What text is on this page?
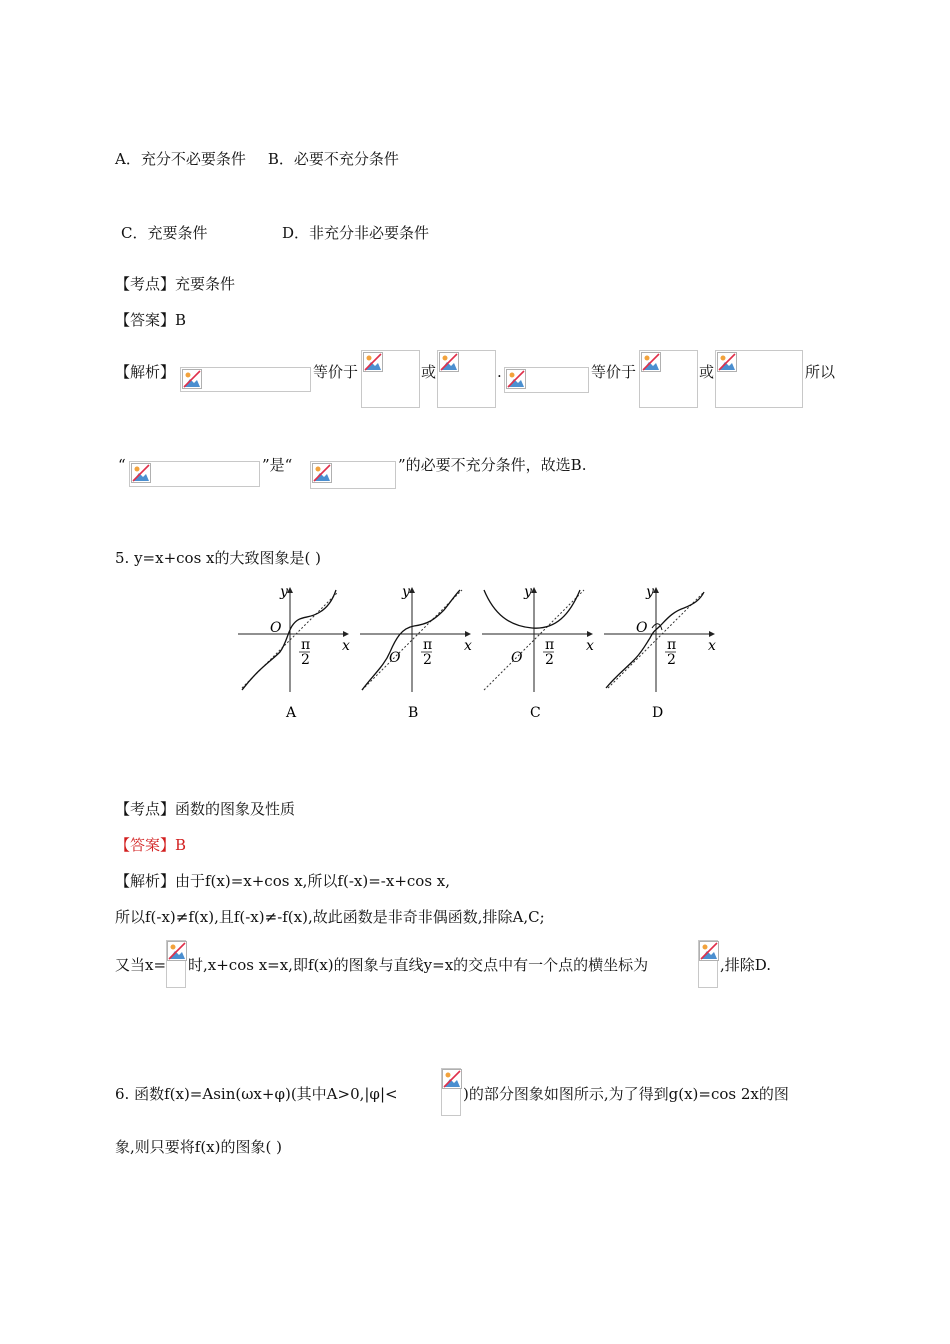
A．充分不必要条件 B．必要不充分条件
C．充要条件	D．非充分非必要条件
【考点】充要条件
【答案】B
【解析】	等价于	或	.	等价于	或	所以
“	”是“	”的必要不充分条件，故选B.
5. y=x+cos x的大致图象是( )
O
y
x
π
2
A
O
y
x
π
2
B
O
y
x
π
2
C
O
y
x
π
2
D
【考点】函数的图象及性质
【答案】B
【解析】由于f(x)=x+cos x,所以f(-x)=-x+cos x,
所以f(-x)≠f(x),且f(-x)≠-f(x),故此函数是非奇非偶函数,排除A,C;
又当x= 时,x+cos x=x,即f(x)的图象与直线y=x的交点中有一个点的横坐标为	,排除D.
6. 函数f(x)=Asin(ωx+φ)(其中A>0,|φ|<	)的部分图象如图所示,为了得到g(x)=cos 2x的图
象,则只要将f(x)的图象( )
